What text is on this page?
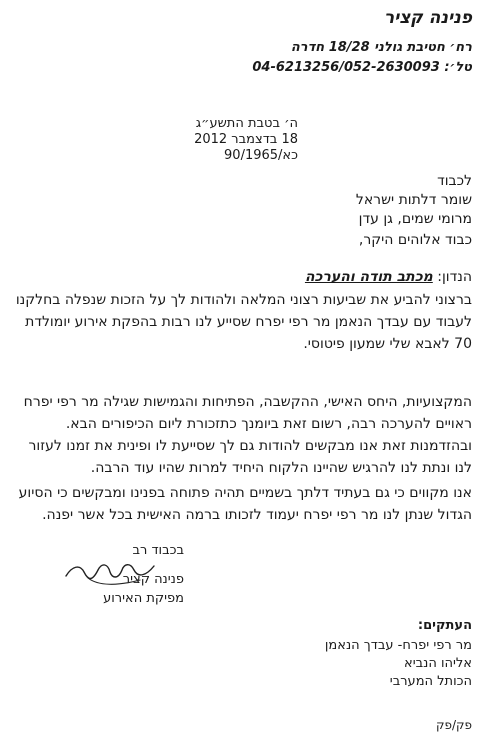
פנינה קציר
רח׳ חטיבת גולני 18/28 חדרה
טל׳: 04-6213256/052-2630093
ה׳ בטבת התשע״ג
18 בדצמבר 2012
כא/90/1965
לכבוד
שומר דלתות ישראל
מרומי שמים, גן עדן
כבוד אלוהים היקר,
הנדון: מכתב תודה והערכה

ברצוני להביע את שביעות רצוני המלאה ולהודות לך על הזכות שנפלה בחלקנו

לעבוד עם עבדך הנאמן מר רפי יפרח שסייע לנו רבות בהפקת אירוע יומולדת

70 לאבא שלי שמעון פיטוסי.

המקצועיות, היחס האישי, ההקשבה, הפתיחות והגמישות שגילה מר רפי יפרח

ראויים להערכה רבה, רשום זאת ביומנך כתזכורת ליום הכיפורים הבא.

ובהזדמנות זאת אנו מבקשים להודות גם לך שסייעת לו ופינית את זמנו לעזור

לנו ונתת לנו להרגיש שהיינו הלקוח היחיד למרות שהיו עוד הרבה.

אנו מקווים כי גם בעתיד דלתך בשמיים תהיה פתוחה בפנינו ומבקשים כי הסיוע

הגדול שנתן לנו מר רפי יפרח יעמוד לזכותו ברמה האישית בכל אשר יפנה.

בכבוד רב

פנינה קציר

מפיקת האירוע

העתקים:

מר רפי יפרח- עבדך הנאמן

אליהו הנביא

הכותל המערבי

פק/פק
